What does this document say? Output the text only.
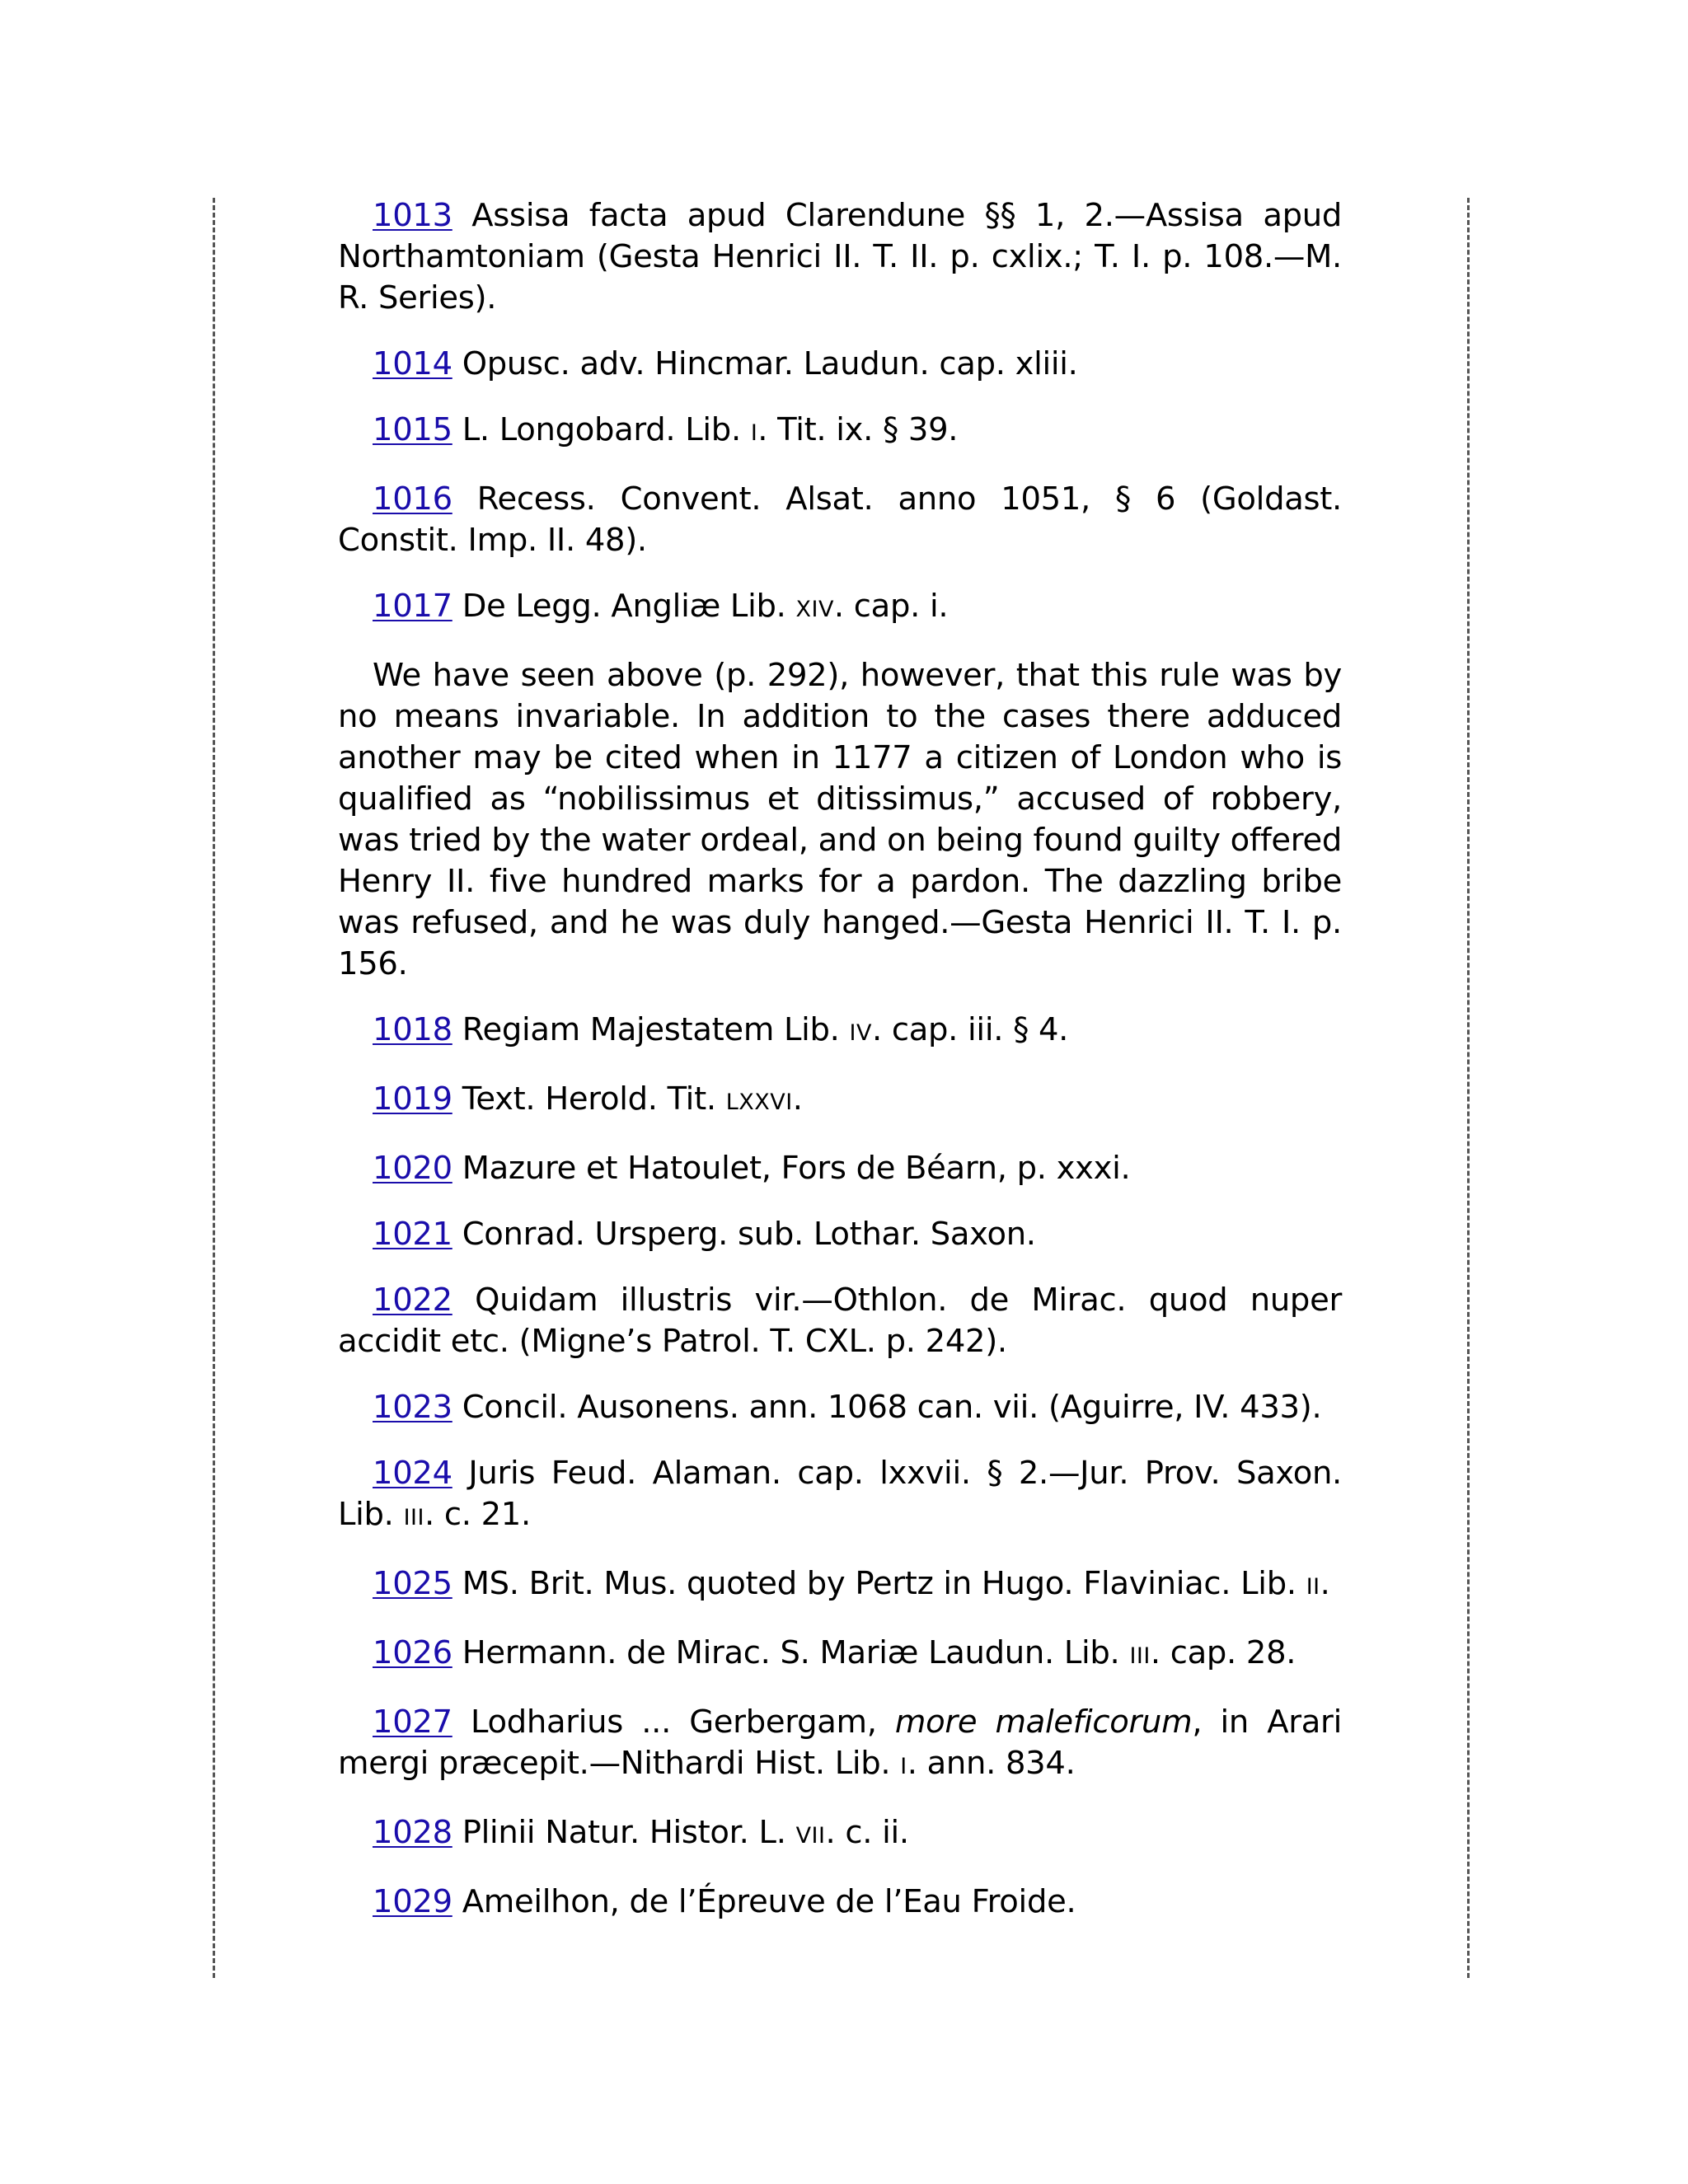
1013 Assisa facta apud Clarendune §§ 1, 2.—Assisa apud Northamtoniam (Gesta Henrici II. T. II. p. cxlix.; T. I. p. 108.—M. R. Series).

1014 Opusc. adv. Hincmar. Laudun. cap. xliii.

1015 L. Longobard. Lib. I. Tit. ix. § 39.

1016 Recess. Convent. Alsat. anno 1051, § 6 (Goldast. Constit. Imp. II. 48).

1017 De Legg. Angliæ Lib. XIV. cap. i.

We have seen above (p. 292), however, that this rule was by no means invariable. In addition to the cases there adduced another may be cited when in 1177 a citizen of London who is qualified as “nobilissimus et ditissimus,” accused of robbery, was tried by the water ordeal, and on being found guilty offered Henry II. five hundred marks for a pardon. The dazzling bribe was refused, and he was duly hanged.—Gesta Henrici II. T. I. p. 156.

1018 Regiam Majestatem Lib. IV. cap. iii. § 4.

1019 Text. Herold. Tit. LXXVI.

1020 Mazure et Hatoulet, Fors de Béarn, p. xxxi.

1021 Conrad. Ursperg. sub. Lothar. Saxon.

1022 Quidam illustris vir.—Othlon. de Mirac. quod nuper accidit etc. (Migne’s Patrol. T. CXL. p. 242).

1023 Concil. Ausonens. ann. 1068 can. vii. (Aguirre, IV. 433).

1024 Juris Feud. Alaman. cap. lxxvii. § 2.—Jur. Prov. Saxon. Lib. III. c. 21.

1025 MS. Brit. Mus. quoted by Pertz in Hugo. Flaviniac. Lib. II.

1026 Hermann. de Mirac. S. Mariæ Laudun. Lib. III. cap. 28.

1027 Lodharius ... Gerbergam, more maleficorum, in Arari mergi præcepit.—Nithardi Hist. Lib. I. ann. 834.

1028 Plinii Natur. Histor. L. VII. c. ii.

1029 Ameilhon, de l’Épreuve de l’Eau Froide.
